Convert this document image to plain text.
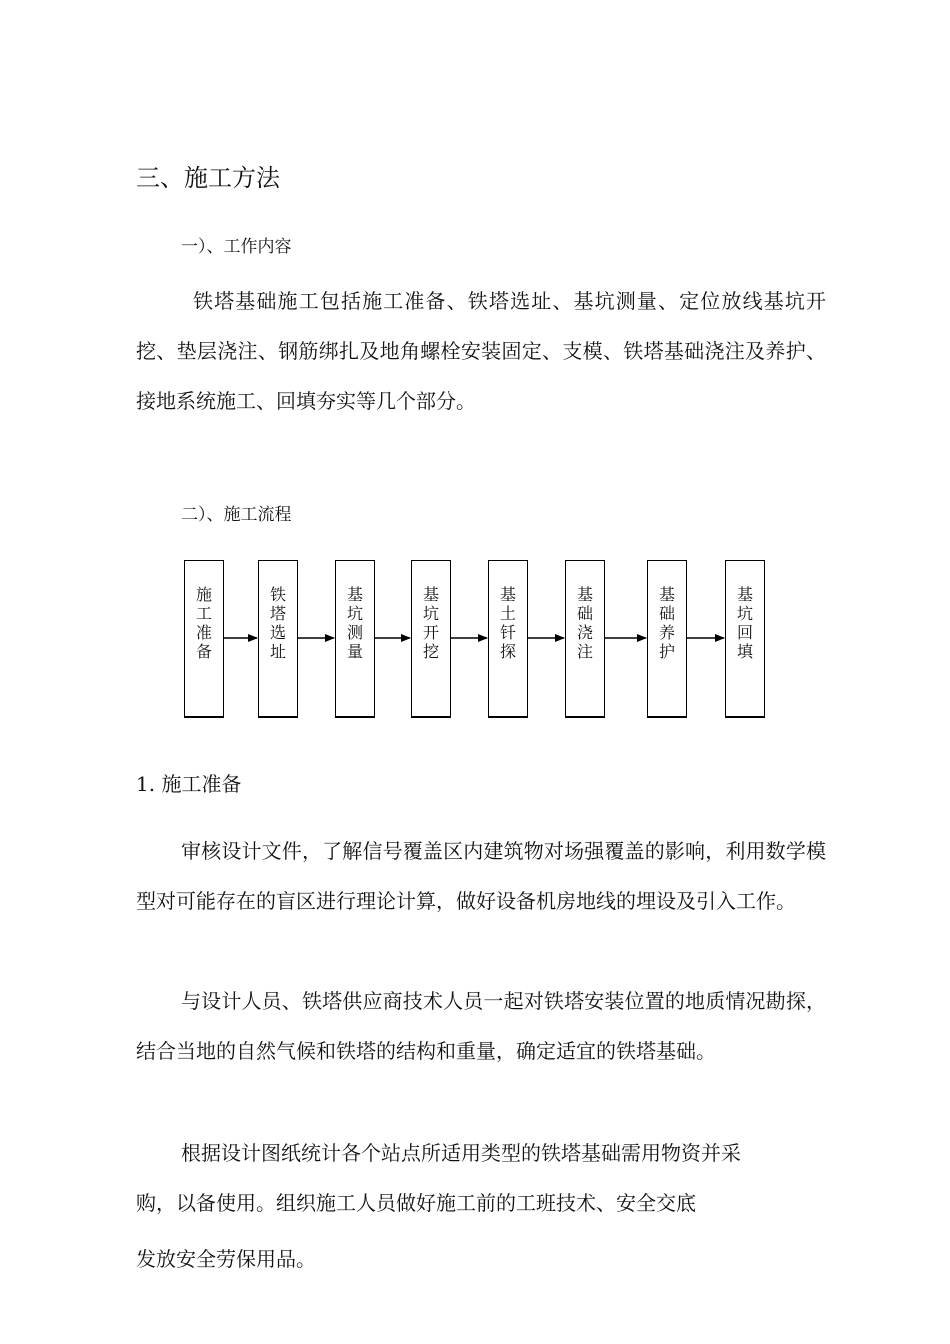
三、施工方法
一）、工作内容
铁塔基础施工包括施工准备、铁塔选址、基坑测量、定位放线基坑开挖、垫层浇注、钢筋绑扎及地角螺栓安装固定、支模、铁塔基础浇注及养护、接地系统施工、回填夯实等几个部分。
二）、施工流程
施工准备
铁塔选址
基坑测量
基坑开挖
基土钎探
基础浇注
基础养护
基坑回填
1. 施工准备
审核设计文件，了解信号覆盖区内建筑物对场强覆盖的影响，利用数学模型对可能存在的盲区进行理论计算，做好设备机房地线的埋设及引入工作。
与设计人员、铁塔供应商技术人员一起对铁塔安装位置的地质情况勘探，结合当地的自然气候和铁塔的结构和重量，确定适宜的铁塔基础。
根据设计图纸统计各个站点所适用类型的铁塔基础需用物资并采
购，以备使用。组织施工人员做好施工前的工班技术、安全交底
发放安全劳保用品。
